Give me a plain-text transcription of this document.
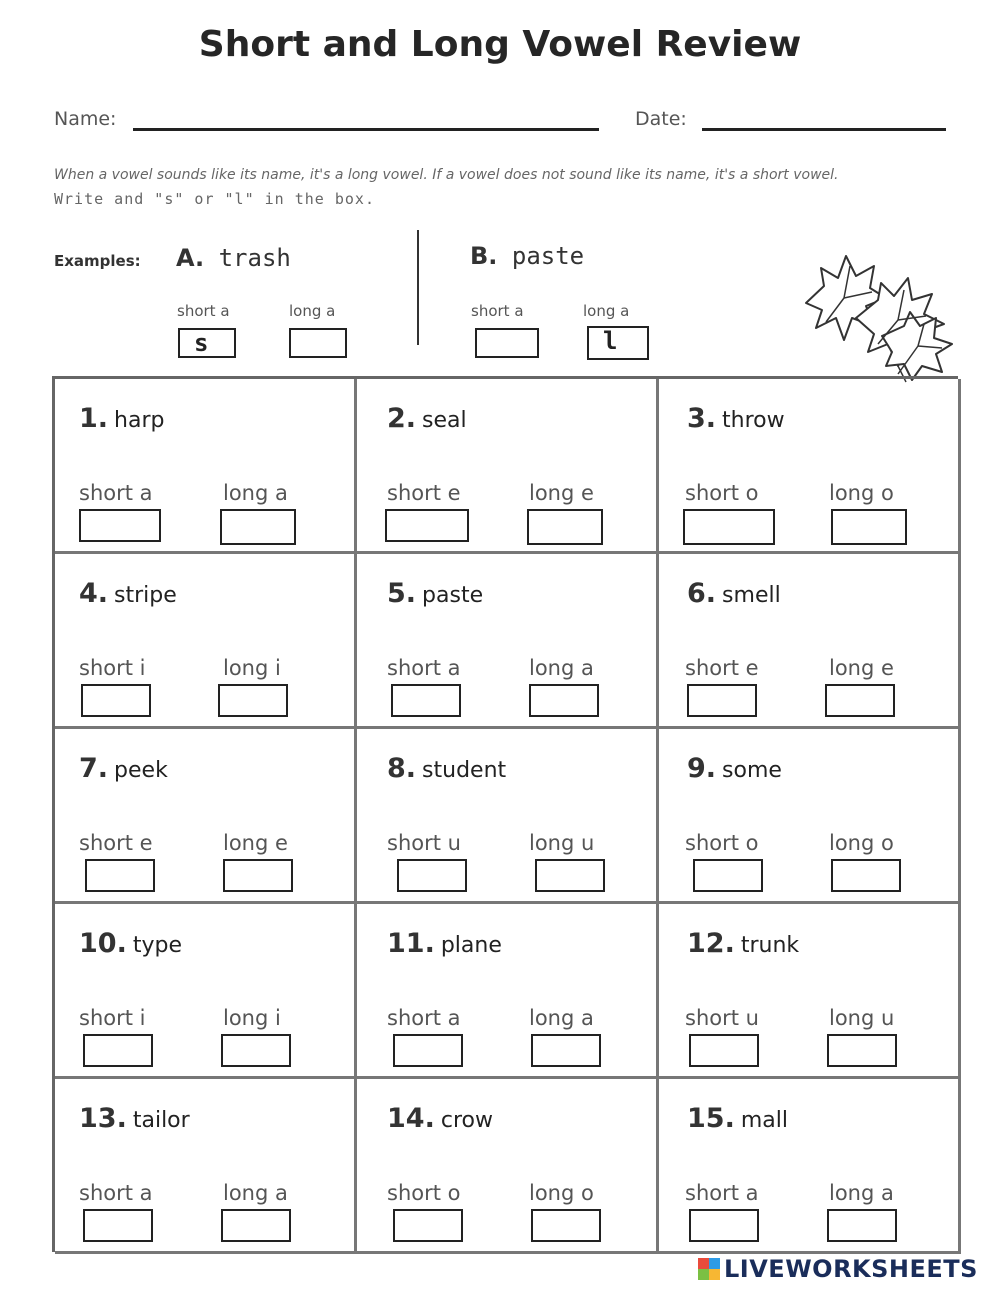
Short and Long Vowel Review
Name:	Date:
When a vowel sounds like its name, it's a long vowel. If a vowel does not sound like its name, it's a short vowel. Write and "s" or "l" in the box.
Examples: A. trash
short a	long a
s
B. paste
short a	long a
l
1. harp
short a	long a
2. seal
short e	long e
3. throw
short o	long o
4. stripe
short i	long i
5. paste
short a	long a
6. smell
short e	long e
7. peek
short e	long e
8. student
short u	long u
9. some
short o	long o
10. type
short i	long i
11. plane
short a	long a
12. trunk
short u	long u
13. tailor
short a	long a
14. crow
short o	long o
15. mall
short a	long a
LIVEWORKSHEETS
